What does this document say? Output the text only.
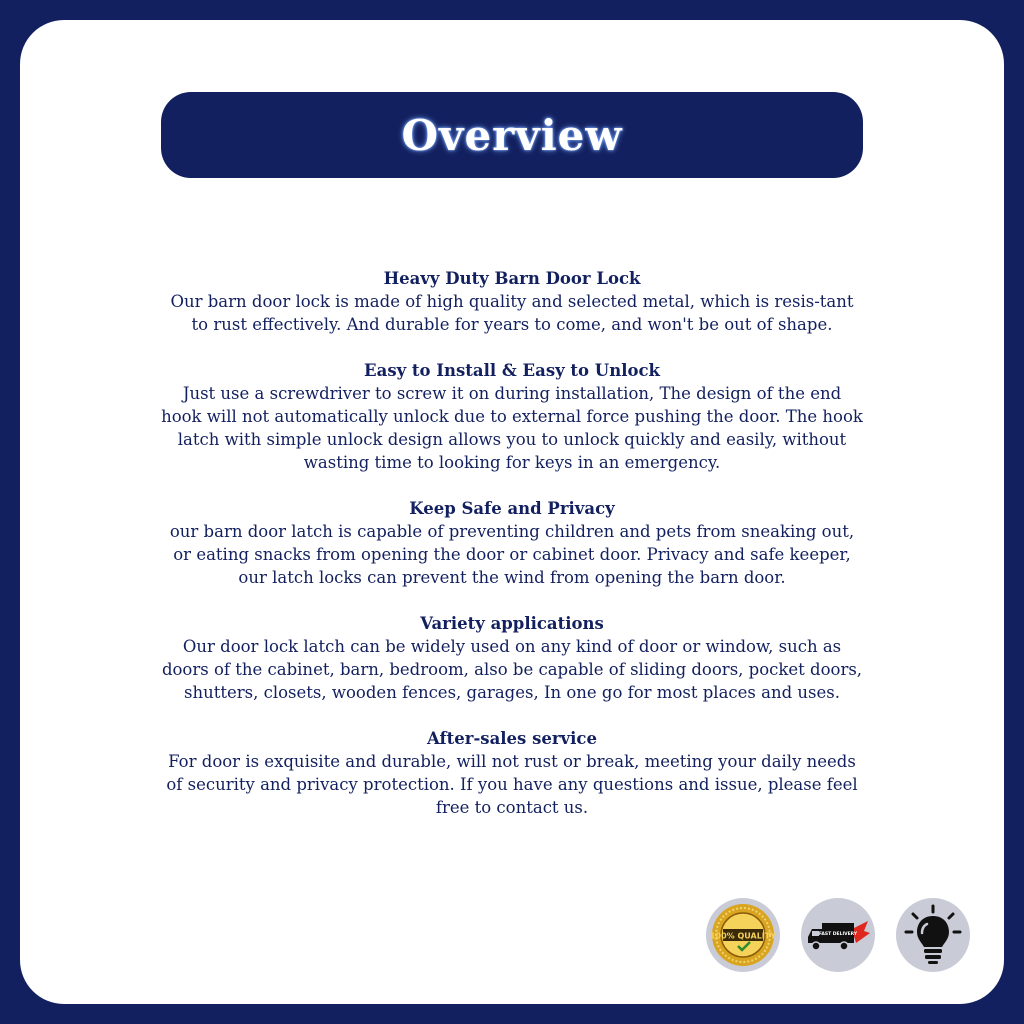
Overview

Heavy Duty Barn Door Lock

Our barn door lock is made of high quality and selected metal, which is resis-tant to rust effectively. And durable for years to come, and won't be out of shape.

Easy to Install & Easy to Unlock

Just use a screwdriver to screw it on during installation, The design of the end hook will not automatically unlock due to external force pushing the door. The hook latch with simple unlock design allows you to unlock quickly and easily, without wasting time to looking for keys in an emergency.

Keep Safe and Privacy

our barn door latch is capable of preventing children and pets from sneaking out, or eating snacks from opening the door or cabinet door. Privacy and safe keeper, our latch locks can prevent the wind from opening the barn door.

Variety applications

Our door lock latch can be widely used on any kind of door or window, such as doors of the cabinet, barn, bedroom, also be capable of sliding doors, pocket doors, shutters, closets, wooden fences, garages, In one go for most places and uses.

After-sales service

For door is exquisite and durable, will not rust or break, meeting your daily needs of security and privacy protection. If you have any questions and issue, please feel free to contact us.

100% QUALITY	FAST DELIVERY
